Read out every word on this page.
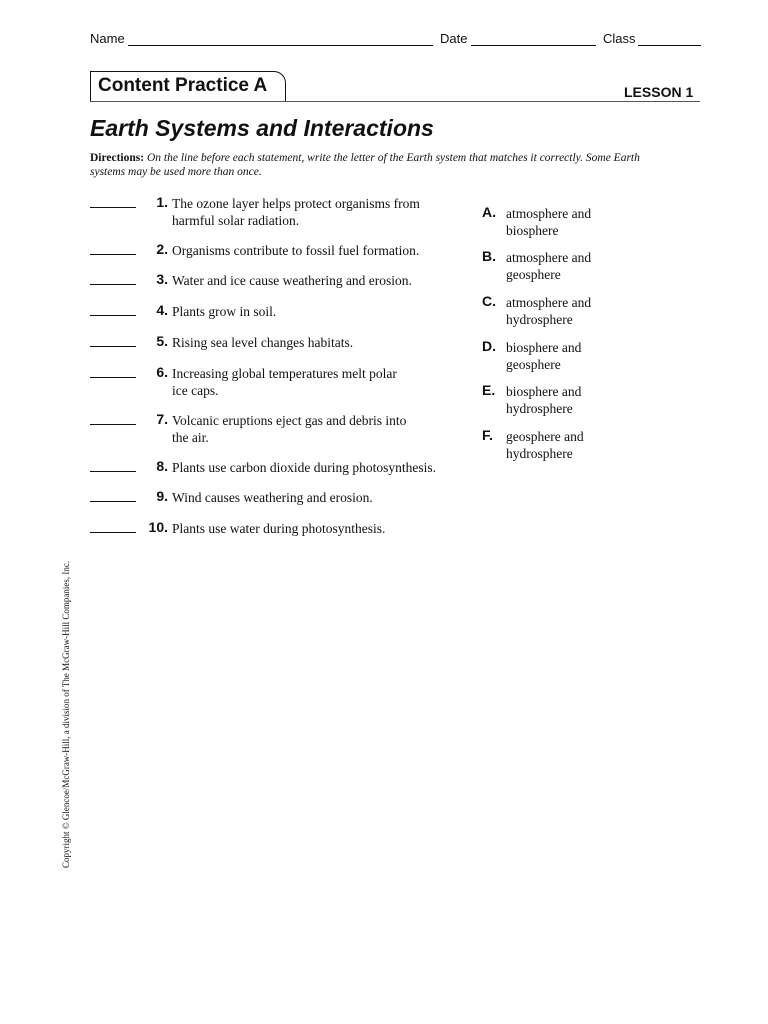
Name	Date	Class
Content Practice A	LESSON 1
Earth Systems and Interactions
Directions: On the line before each statement, write the letter of the Earth system that matches it correctly. Some Earth systems may be used more than once.
1. The ozone layer helps protect organisms from harmful solar radiation.
2. Organisms contribute to fossil fuel formation.
3. Water and ice cause weathering and erosion.
4. Plants grow in soil.
5. Rising sea level changes habitats.
6. Increasing global temperatures melt polar ice caps.
7. Volcanic eruptions eject gas and debris into the air.
8. Plants use carbon dioxide during photosynthesis.
9. Wind causes weathering and erosion.
10. Plants use water during photosynthesis.
A. atmosphere and biosphere
B. atmosphere and geosphere
C. atmosphere and hydrosphere
D. biosphere and geosphere
E. biosphere and hydrosphere
F. geosphere and hydrosphere
Copyright © Glencoe/McGraw-Hill, a division of The McGraw-Hill Companies, Inc.
